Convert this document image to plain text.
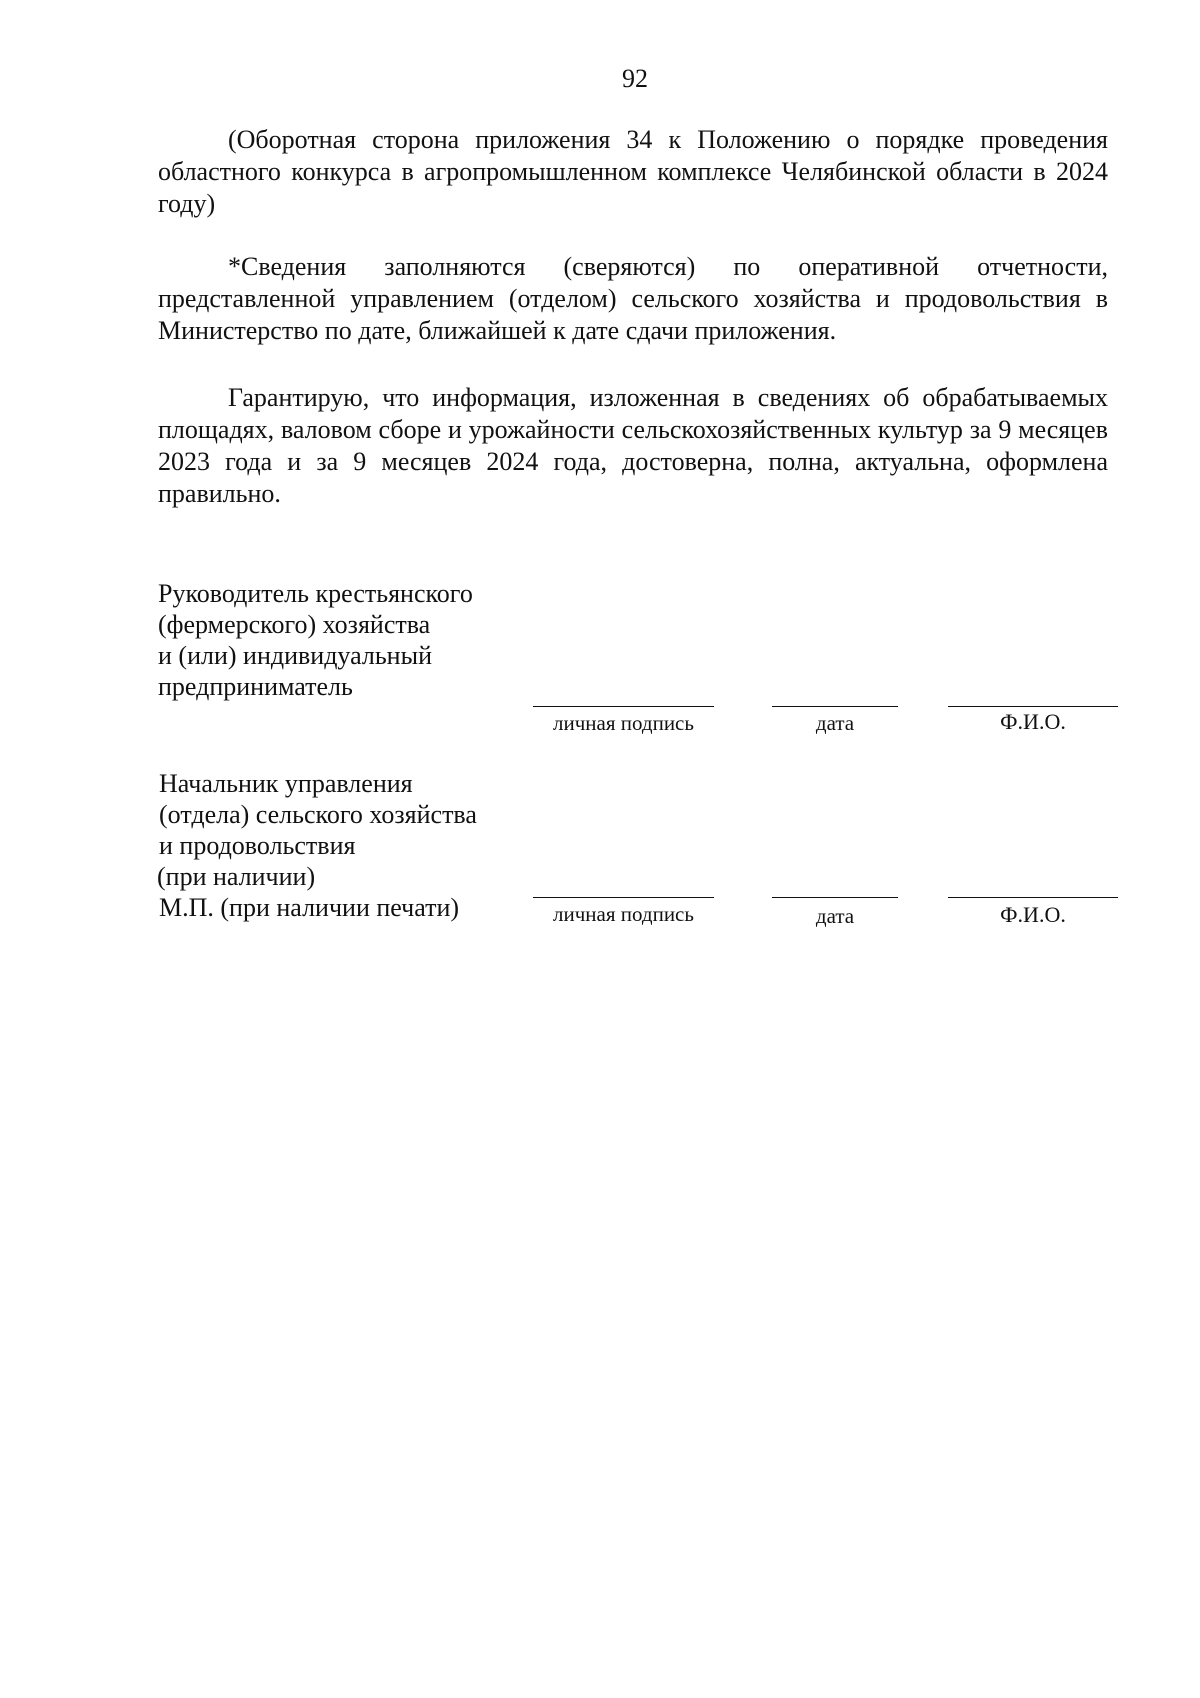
92

(Оборотная сторона приложения 34 к Положению о порядке проведения областного конкурса в агропромышленном комплексе Челябинской области в 2024 году)

*Сведения заполняются (сверяются) по оперативной отчетности, представленной управлением (отделом) сельского хозяйства и продовольствия в Министерство по дате, ближайшей к дате сдачи приложения.

Гарантирую, что информация, изложенная в сведениях об обрабатываемых площадях, валовом сборе и урожайности сельскохозяйственных культур за 9 месяцев 2023 года и за 9 месяцев 2024 года, достоверна, полна, актуальна, оформлена правильно.

Руководитель крестьянского
(фермерского) хозяйства
и (или) индивидуальный
предприниматель
личная подпись	дата	Ф.И.О.
Начальник управления
(отдела) сельского хозяйства
и продовольствия
(при наличии)
М.П. (при наличии печати)	личная подпись	дата	Ф.И.О.
